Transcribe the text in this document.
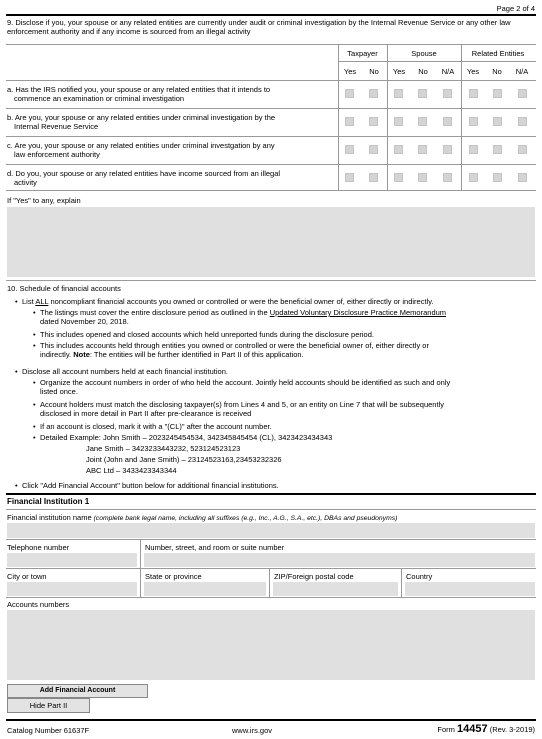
Page 2 of 4
9. Disclose if you, your spouse or any related entities are currently under audit or criminal investigation by the Internal Revenue Service or any other law enforcement authority and if any income is sourced from an illegal activity
Taxpayer	Spouse	Related Entities
Yes	No	Yes	No	N/A	Yes	No	N/A
a. Has the IRS notified you, your spouse or any related entities that it intends to
commence an examination or criminal investigation
b. Are you, your spouse or any related entities under criminal investigation by the
Internal Revenue Service
c. Are you, your spouse or any related entities under criminal investgation by any
law enforcement authority
d. Do you, your spouse or any related entities have income sourced from an illegal
activity
If "Yes" to any, explain
10. Schedule of financial accounts
• List ALL noncompliant financial accounts you owned or controlled or were the beneficial owner of, either directly or indirectly.
• The listings must cover the entire disclosure period as outlined in the Updated Voluntary Disclosure Practice Memorandum
dated November 20, 2018.
• This includes opened and closed accounts which held unreported funds during the disclosure period.
• This includes accounts held through entities you owned or controlled or were the beneficial owner of, either directly or
indirectly. Note: The entities will be further identified in Part II of this application.
• Disclose all account numbers held at each financial institution.
• Organize the account numbers in order of who held the account. Jointly held accounts should be identified as such and only
listed once.
• Account holders must match the disclosing taxpayer(s) from Lines 4 and 5, or an entity on Line 7 that will be subsequently
disclosed in more detail in Part II after pre-clearance is received
• If an account is closed, mark it with a "(CL)" after the account number.
• Detailed Example: John Smith – 2023245454534, 342345845454 (CL), 3423423434343
Jane Smith – 3423233443232, 523124523123
Joint (John and Jane Smith) – 23124523163,23453232326
ABC Ltd – 3433423343344
• Click "Add Financial Account" button below for additional financial institutions.
Financial Institution 1
Financial institution name (complete bank legal name, including all suffixes (e.g., Inc., A.G., S.A., etc.), DBAs and pseudonyms)
Telephone number	Number, street, and room or suite number
City or town	State or province	ZIP/Foreign postal code	Country
Accounts numbers
Add Financial Account
Hide Part II
Catalog Number 61637F	www.irs.gov	Form 14457 (Rev. 3-2019)
